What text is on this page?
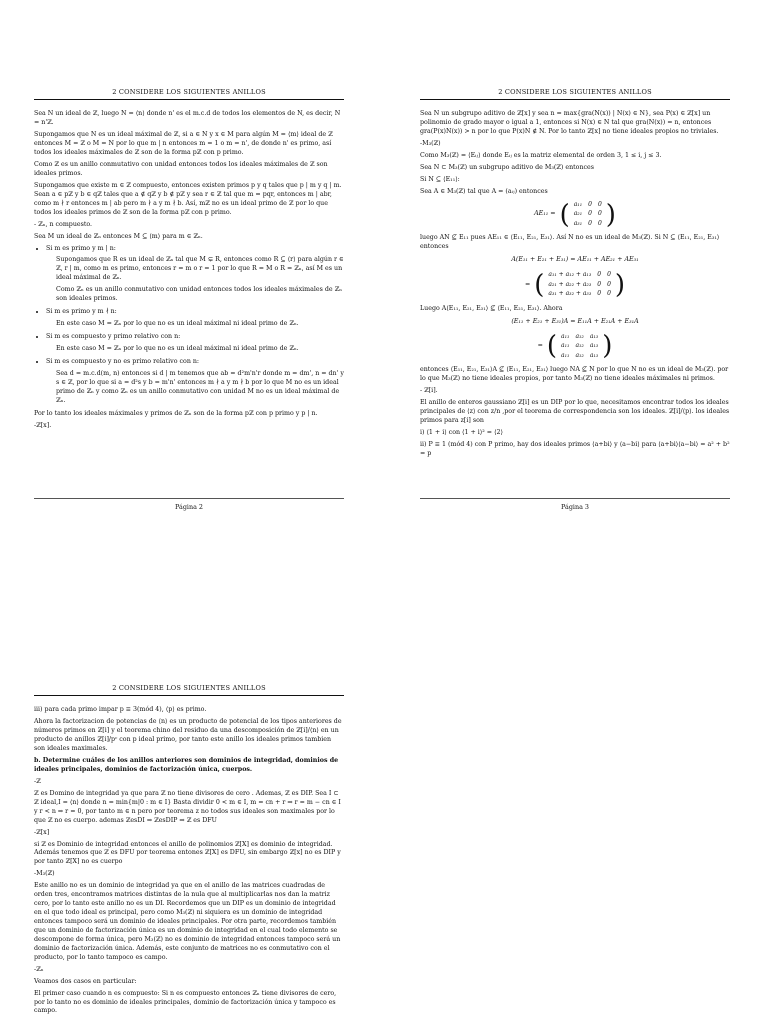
2 CONSIDERE LOS SIGUIENTES ANILLOS

Sea N un ideal de ℤ, luego N = ⟨n⟩ donde n' es el m.c.d de todos los elementos de N, es decir, N = n'ℤ.

Supongamos que N es un ideal máximal de ℤ, si a ∈ N y x ∈ M para algún M = ⟨m⟩ ideal de ℤ entonces M = ℤ o M = N por lo que m | n entonces m = 1 o m = n', de donde n' es primo, así todos los ideales máximales de ℤ son de la forma pℤ con p primo.

Como ℤ es un anillo conmutativo con unidad entonces todos los ideales máximales de ℤ son ideales primos.

Supongamos que existe m ∈ ℤ compuesto, entonces existen primos p y q tales que p | m y q | m. Sean a ∈ pℤ y b ∈ qℤ tales que a ∉ qℤ y b ∉ pℤ y sea r ∈ ℤ tal que m = pqr, entonces m | abr, como m ∤ r entonces m | ab pero m ∤ a y m ∤ b. Así, mℤ no es un ideal primo de ℤ por lo que todos los ideales primos de ℤ son de la forma pℤ con p primo.

- ℤₙ, n compuesto.

Sea M un ideal de ℤₙ entonces M ⊆ ⟨m⟩ para m ∈ ℤₙ.

• Si m es primo y m | n:

Supongamos que R es un ideal de ℤₙ tal que M ⊊ R, entonces como R ⊆ ⟨r⟩ para algún r ∈ ℤ, r | m, como m es primo, entonces r = m o r = 1 por lo que R = M o R = ℤₙ, así M es un ideal máximal de ℤₙ.

Como ℤₙ es un anillo conmutativo con unidad entonces todos los ideales máximales de ℤₙ son ideales primos.

• Si m es primo y m ∤ n:

En este caso M = ℤₙ por lo que no es un ideal máximal ni ideal primo de ℤₙ.

• Si m es compuesto y primo relativo con n:

En este caso M = ℤₙ por lo que no es un ideal máximal ni ideal primo de ℤₙ.

• Si m es compuesto y no es primo relativo con n:

Sea d = m.c.d(m, n) entonces si d | m tenemos que ab = d²m'n'r donde m = dm', n = dn' y s ∈ ℤ, por lo que si a = d²s y b = m'n' entonces m ∤ a y m ∤ b por lo que M no es un ideal primo de ℤₙ y como ℤₙ es un anillo conmutativo con unidad M no es un ideal máximal de ℤₙ.

Por lo tanto los ideales máximales y primos de ℤₙ son de la forma pℤ con p primo y p | n.

-ℤ[x].

Página 2
2 CONSIDERE LOS SIGUIENTES ANILLOS

Sea N un subgrupo aditivo de ℤ[x] y sea n = max{gra(N(x)) | N(x) ∈ N}, sea P(x) ∈ ℤ[x] un polinomio de grado mayor o igual a 1, entonces si N(x) ∈ N tal que gra(N(x)) = n, entonces gra(P(x)N(x)) > n por lo que P(x)N ∉ N. Por lo tanto ℤ[x] no tiene ideales propios no triviales.

-M₃(ℤ)

Como M₃(ℤ) = ⟨Eᵢⱼ⟩ donde Eᵢⱼ es la matriz elemental de orden 3, 1 ≤ i, j ≤ 3.

Sea N ⊂ M₃(ℤ) un subgrupo aditivo de M₃(ℤ) entonces

Si N ⊆ ⟨E₁₁⟩:

Sea A ∈ M₃(ℤ) tal que A = (aᵢⱼ) entonces

AE₁₁ = ( a₁₁ 0 0
a₂₁ 0 0
a₃₁ 0 0 )

luego AN ⊈ E₁₁ pues AE₁₁ ∈ ⟨E₁₁, E₂₁, E₃₁⟩. Así N no es un ideal de M₃(ℤ). Si N ⊆ ⟨E₁₁, E₂₁, E₃₁⟩ entonces

A(E₁₁ + E₂₁ + E₃₁) = AE₁₁ + AE₂₁ + AE₃₁
= ( a₁₁ + a₁₂ + a₁₃ 0 0
a₂₁ + a₂₂ + a₂₃ 0 0
a₃₁ + a₃₂ + a₃₃ 0 0 )

Luego A⟨E₁₁, E₂₁, E₃₁⟩ ⊈ ⟨E₁₁, E₂₁, E₃₁⟩. Ahora

(E₁₁ + E₂₁ + E₃₁)A = E₁₁A + E₂₁A + E₃₁A
= ( a₁₁ a₁₂ a₁₃
a₁₁ a₁₂ a₁₃
a₁₁ a₁₂ a₁₃ )

entonces ⟨E₁₁, E₂₁, E₃₁⟩A ⊈ ⟨E₁₁, E₂₁, E₃₁⟩ luego NA ⊈ N por lo que N no es un ideal de M₃(ℤ). por lo que M₃(ℤ) no tiene ideales propios, por tanto M₃(ℤ) no tiene ideales máximales ni primos.

- ℤ[i].

El anillo de enteros gaussiano ℤ[i] es un DIP por lo que, necesitamos encontrar todos los ideales principales de ⟨z⟩ con z/n ,por el teorema de correspondencia son los ideales. ℤ[i]/⟨p⟩. los ideales primos para z[i] son

i) ⟨1 + i⟩ con ⟨1 + i⟩² = ⟨2⟩

ii) P ≡ 1 (mód 4) con P primo, hay dos ideales primos ⟨a+bi⟩ y ⟨a−bi⟩ para ⟨a+bi⟩⟨a−bi⟩ = a² + b² = p

Página 3
2 CONSIDERE LOS SIGUIENTES ANILLOS

iii) para cada primo impar p ≡ 3(mód 4), ⟨p⟩ es primo.

Ahora la factorizacion de potencias de ⟨n⟩ es un producto de potencial de los tipos anteriores de números primos en ℤ[i] y el teorema chino del residuo da una descomposición de ℤ[i]/⟨n⟩ en un producto de anillos ℤ[i]/pᶜ con p ideal primo, por tanto este anillo los ideales primos tambien son ideales maximales.

b. Determine cuáles de los anillos anteriores son dominios de integridad, dominios de ideales principales, dominios de factorización única, cuerpos.

-ℤ

ℤ es Domino de integridad ya que para ℤ no tiene divisores de cero . Ademas, ℤ es DIP. Sea I ⊂ ℤ ideal,I = ⟨n⟩ donde n = min{m|0 : m ∈ I} Basta dividir 0 < m ∈ I, m = cn + r ⇒ r = m − cn ∈ I y r < n ⇒ r = 0, por tanto m ∈ n pero por teorema z no todos sus ideales son maximales por lo que ℤ no es cuerpo. ademas ℤesDI ⇒ ℤesDIP ⇒ ℤ es DFU

-ℤ[x]

si ℤ es Dominio de integridad entonces el anillo de polinomios ℤ[X] es dominio de integridad. Además tenemos que ℤ es DFU por teorema entones ℤ[X] es DFU, sin embargo ℤ[x] no es DIP y por tanto ℤ[X] no es cuerpo

-M₃(ℤ)

Este anillo no es un dominio de integridad ya que en el anillo de las matrices cuadradas de orden tres, encontramos matrices distintas de la nula que al multiplicarlas nos dan la matriz cero, por lo tanto este anillo no es un DI. Recordemos que un DIP es un dominio de integridad en el que todo ideal es principal, pero como M₃(ℤ) ni siquiera es un dominio de integridad entonces tampoco será un dominio de ideales principales. Por otra parte, recordemos también que un dominio de factorización única es un dominio de integridad en el cual todo elemento se descompone de forma única, pero M₃(ℤ) no es dominio de integridad entonces tampoco será un dominio de factorización única. Además, este conjunto de matrices no es conmutativo con el producto, por lo tanto tampoco es campo.

-ℤₙ

Veamos dos casos en particular:

El primer caso cuando n es compuesto: Si n es compuesto entonces ℤₙ tiene divisores de cero, por lo tanto no es dominio de ideales principales, dominio de factorización única y tampoco es campo.
